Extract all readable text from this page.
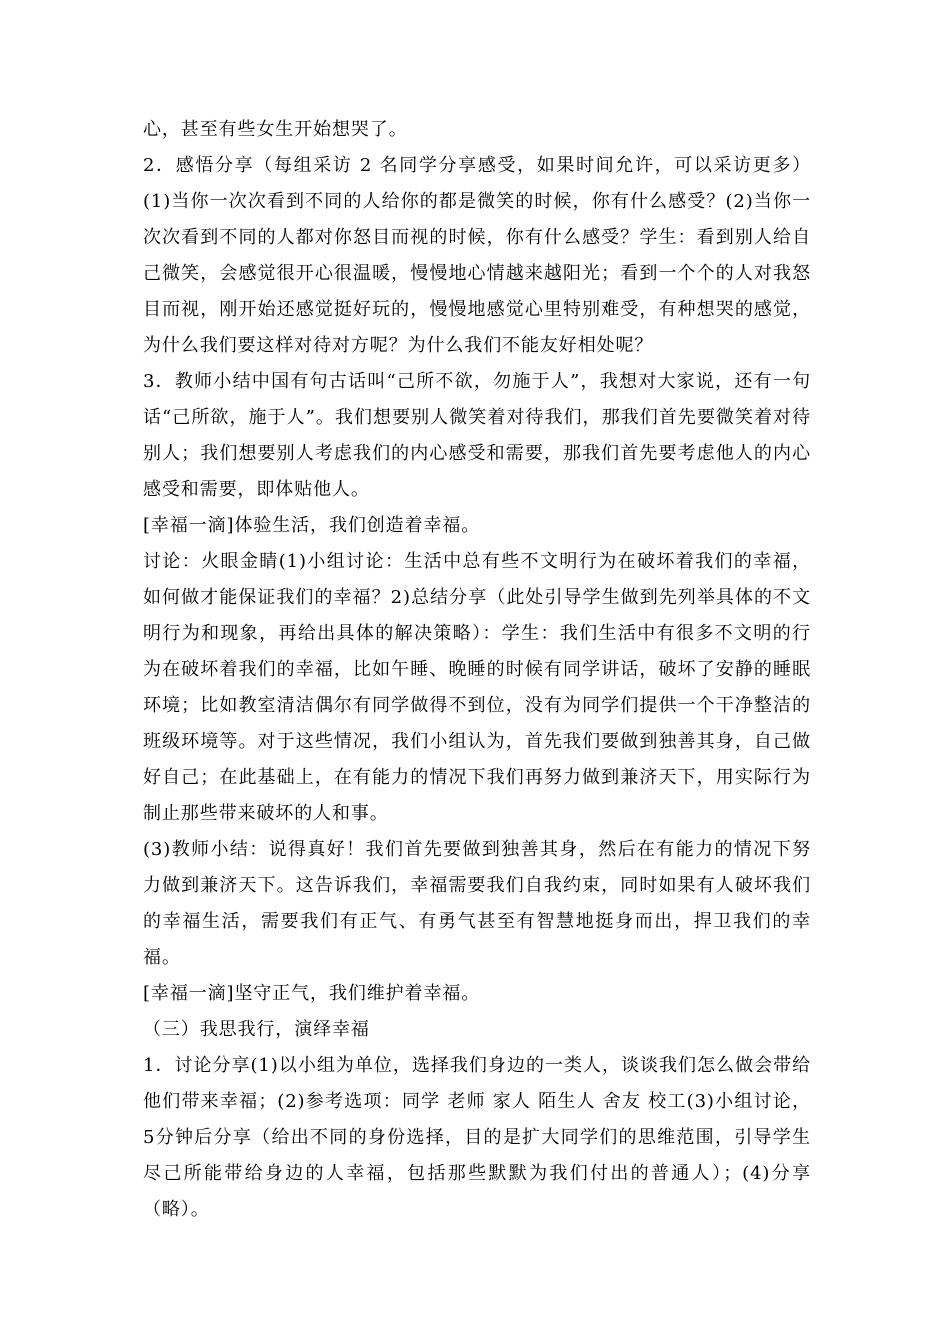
心，甚至有些女生开始想哭了。

2．感悟分享（每组采访 2 名同学分享感受，如果时间允许，可以采访更多）(1)当你一次次看到不同的人给你的都是微笑的时候，你有什么感受？(2)当你一次次看到不同的人都对你怒目而视的时候，你有什么感受？学生：看到别人给自己微笑，会感觉很开心很温暖，慢慢地心情越来越阳光；看到一个个的人对我怒目而视，刚开始还感觉挺好玩的，慢慢地感觉心里特别难受，有种想哭的感觉，为什么我们要这样对待对方呢？为什么我们不能友好相处呢？

3．教师小结中国有句古话叫“己所不欲，勿施于人”，我想对大家说，还有一句话“己所欲，施于人”。我们想要别人微笑着对待我们，那我们首先要微笑着对待别人；我们想要别人考虑我们的内心感受和需要，那我们首先要考虑他人的内心感受和需要，即体贴他人。

[幸福一滴]体验生活，我们创造着幸福。

讨论：火眼金睛(1)小组讨论：生活中总有些不文明行为在破坏着我们的幸福，如何做才能保证我们的幸福？2)总结分享（此处引导学生做到先列举具体的不文明行为和现象，再给出具体的解决策略）：学生：我们生活中有很多不文明的行为在破坏着我们的幸福，比如午睡、晚睡的时候有同学讲话，破坏了安静的睡眠环境；比如教室清洁偶尔有同学做得不到位，没有为同学们提供一个干净整洁的班级环境等。对于这些情况，我们小组认为，首先我们要做到独善其身，自己做好自己；在此基础上，在有能力的情况下我们再努力做到兼济天下，用实际行为制止那些带来破坏的人和事。

(3)教师小结：说得真好！我们首先要做到独善其身，然后在有能力的情况下努力做到兼济天下。这告诉我们，幸福需要我们自我约束，同时如果有人破坏我们的幸福生活，需要我们有正气、有勇气甚至有智慧地挺身而出，捍卫我们的幸福。

[幸福一滴]坚守正气，我们维护着幸福。

（三）我思我行，演绎幸福

1．讨论分享(1)以小组为单位，选择我们身边的一类人，谈谈我们怎么做会带给他们带来幸福；(2)参考选项：同学 老师 家人 陌生人 舍友 校工(3)小组讨论，5分钟后分享（给出不同的身份选择，目的是扩大同学们的思维范围，引导学生尽己所能带给身边的人幸福，包括那些默默为我们付出的普通人）；(4)分享（略）。
